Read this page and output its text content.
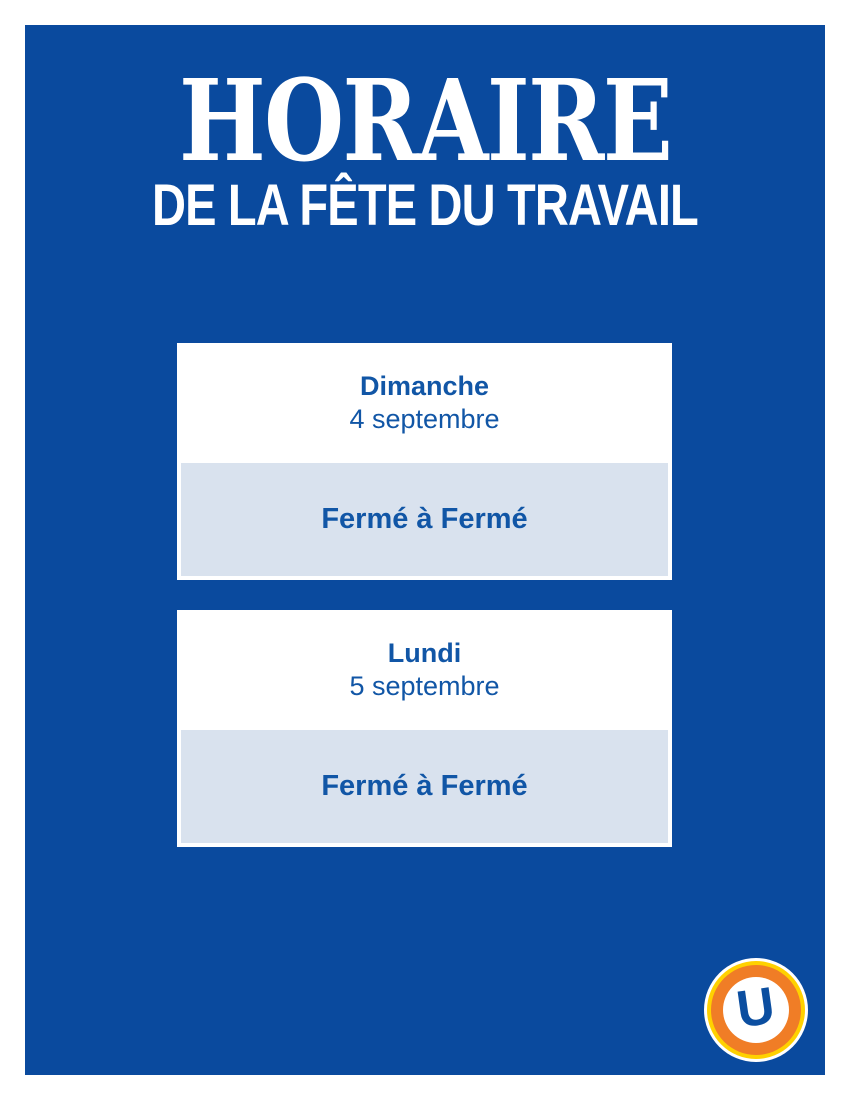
HORAIRE
DE LA FÊTE DU TRAVAIL
Dimanche
4 septembre
Fermé à Fermé
Lundi
5 septembre
Fermé à Fermé
U
